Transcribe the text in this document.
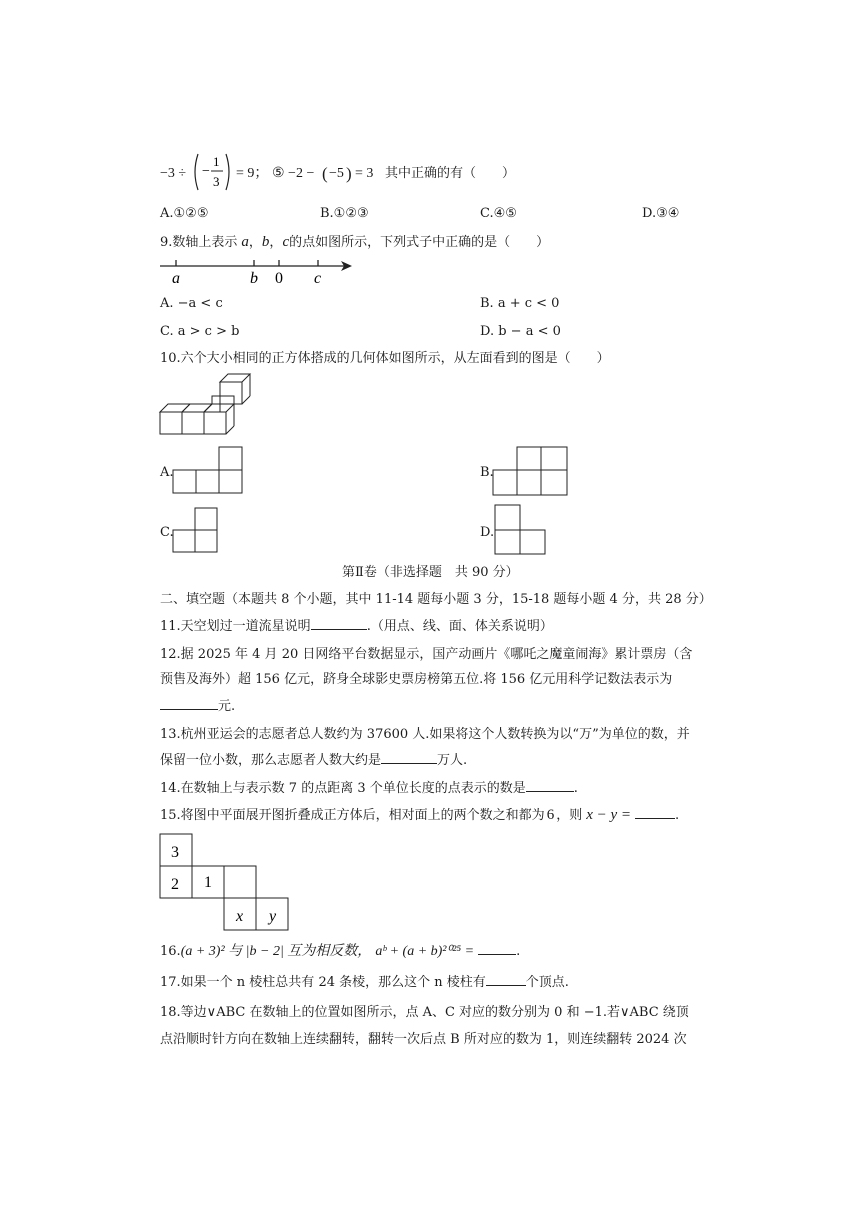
−3 ÷ −
1
3
= 9； ⑤ −2 − ( −5 ) = 3 其中正确的有（　　）
A.①②⑤	B.①②③	C.④⑤	D.③④
9.数轴上表示 a，b，c的点如图所示，下列式子中正确的是（　　）
a	b 0 c
A. −a < c	B. a + c < 0
C. a > c > b	D. b − a < 0
10.六个大小相同的正方体搭成的几何体如图所示，从左面看到的图是（　　）
A.	B.
C.	D.
第Ⅱ卷（非选择题　共 90 分）
二、填空题（本题共 8 个小题，其中 11-14 题每小题 3 分，15-18 题每小题 4 分，共 28 分）
11.天空划过一道流星说明	.（用点、线、面、体关系说明）
12.据 2025 年 4 月 20 日网络平台数据显示，国产动画片《哪吒之魔童闹海》累计票房（含
预售及海外）超 156 亿元，跻身全球影史票房榜第五位.将 156 亿元用科学记数法表示为
元.
13.杭州亚运会的志愿者总人数约为 37600 人.如果将这个人数转换为以“万”为单位的数，并
保留一位小数，那么志愿者人数大约是	万人.
14.在数轴上与表示数 7 的点距离 3 个单位长度的点表示的数是	.
15.将图中平面展开图折叠成正方体后，相对面上的两个数之和都为 6 ，则 x − y =	.
3
2 1
x y
16.(a + 3)² 与 |b − 2| 互为相反数， aᵇ + (a + b)²⁰²⁵ =	.
17.如果一个 n 棱柱总共有 24 条棱，那么这个 n 棱柱有	个顶点.
18.等边∨ABC 在数轴上的位置如图所示，点 A、C 对应的数分别为 0 和 −1.若∨ABC 绕顶
点沿顺时针方向在数轴上连续翻转，翻转一次后点 B 所对应的数为 1，则连续翻转 2024 次
